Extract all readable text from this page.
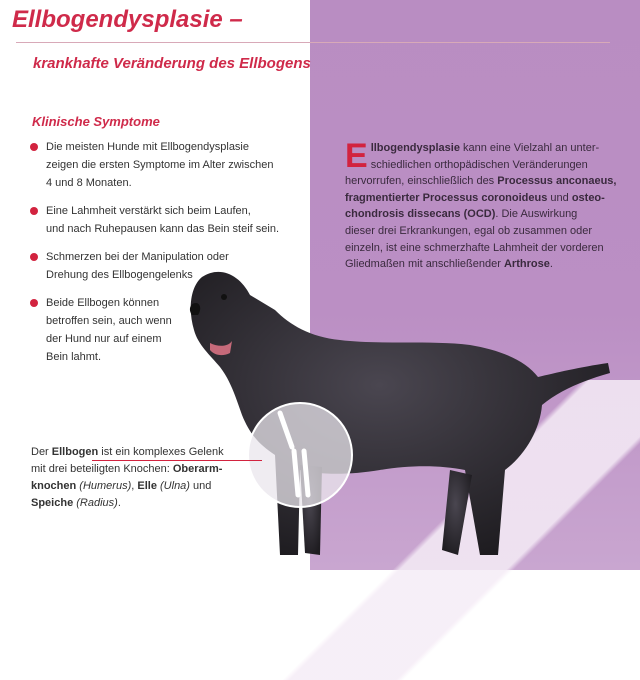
Ellbogendysplasie –
krankhafte Veränderung des Ellbogens
Klinische Symptome
Die meisten Hunde mit Ellbogendysplasie
zeigen die ersten Symptome im Alter zwischen
4 und 8 Monaten.
Eine Lahmheit verstärkt sich beim Laufen,
und nach Ruhepausen kann das Bein steif sein.
Schmerzen bei der Manipulation oder
Drehung des Ellbogengelenks
Beide Ellbogen können
betroffen sein, auch wenn
der Hund nur auf einem
Bein lahmt.
E llbogendysplasie kann eine Vielzahl an unter-
schiedlichen orthopädischen Veränderungen
hervorrufen, einschließlich des Processus anconaeus,
fragmentierter Processus coronoideus und osteo-
chondrosis dissecans (OCD). Die Auswirkung
dieser drei Erkrankungen, egal ob zusammen oder
einzeln, ist eine schmerzhafte Lahmheit der vorderen
Gliedmaßen mit anschließender Arthrose.

Der Ellbogen ist ein komplexes Gelenk
mit drei beteiligten Knochen: Oberarm-
knochen (Humerus), Elle (Ulna) und
Speiche (Radius).
